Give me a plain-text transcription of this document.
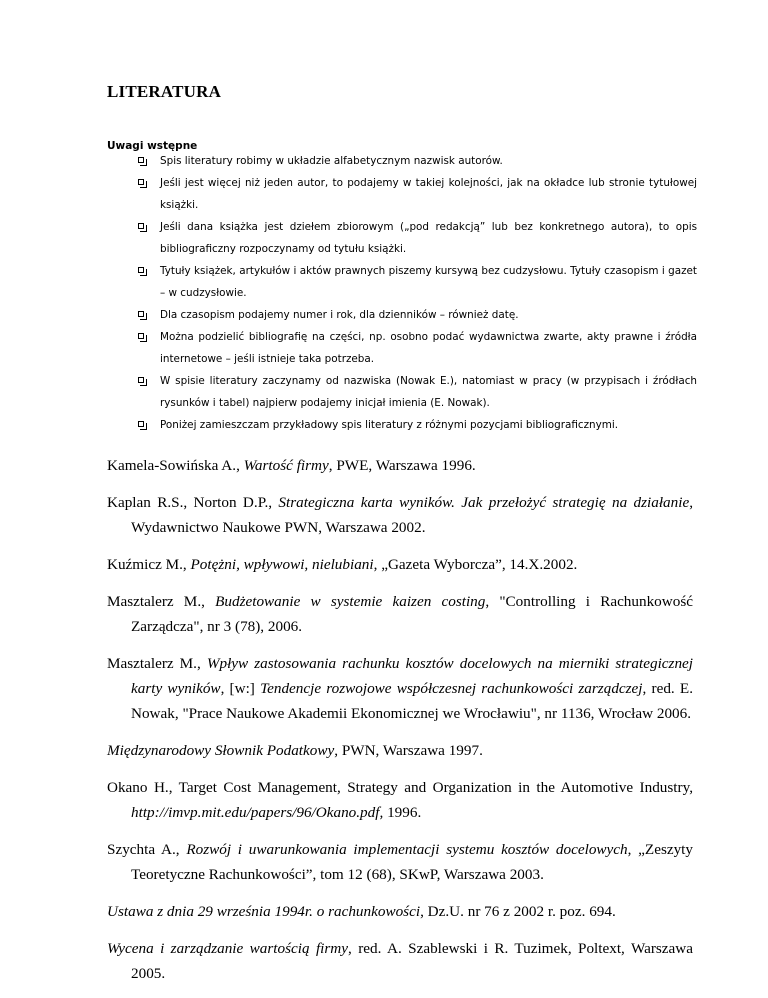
LITERATURA
Uwagi wstępne
Spis literatury robimy w układzie alfabetycznym nazwisk autorów.
Jeśli jest więcej niż jeden autor, to podajemy w takiej kolejności, jak na okładce lub stronie tytułowej książki.
Jeśli dana książka jest dziełem zbiorowym („pod redakcją” lub bez konkretnego autora), to opis bibliograficzny rozpoczynamy od tytułu książki.
Tytuły książek, artykułów i aktów prawnych piszemy kursywą bez cudzysłowu. Tytuły czasopism i gazet – w cudzysłowie.
Dla czasopism podajemy numer i rok, dla dzienników – również datę.
Można podzielić bibliografię na części, np. osobno podać wydawnictwa zwarte, akty prawne i źródła internetowe – jeśli istnieje taka potrzeba.
W spisie literatury zaczynamy od nazwiska (Nowak E.), natomiast w pracy (w przypisach i źródłach rysunków i tabel) najpierw podajemy inicjał imienia (E. Nowak).
Poniżej zamieszczam przykładowy spis literatury z różnymi pozycjami bibliograficznymi.
Kamela-Sowińska A., Wartość firmy, PWE, Warszawa 1996.
Kaplan R.S., Norton D.P., Strategiczna karta wyników. Jak przełożyć strategię na działanie, Wydawnictwo Naukowe PWN, Warszawa 2002.
Kuźmicz M., Potężni, wpływowi, nielubiani, „Gazeta Wyborcza”, 14.X.2002.
Masztalerz M., Budżetowanie w systemie kaizen costing, "Controlling i Rachunkowość Zarządcza", nr 3 (78), 2006.
Masztalerz M., Wpływ zastosowania rachunku kosztów docelowych na mierniki strategicznej karty wyników, [w:] Tendencje rozwojowe współczesnej rachunkowości zarządczej, red. E. Nowak, "Prace Naukowe Akademii Ekonomicznej we Wrocławiu", nr 1136, Wrocław 2006.
Międzynarodowy Słownik Podatkowy, PWN, Warszawa 1997.
Okano H., Target Cost Management, Strategy and Organization in the Automotive Industry, http://imvp.mit.edu/papers/96/Okano.pdf, 1996.
Szychta A., Rozwój i uwarunkowania implementacji systemu kosztów docelowych, „Zeszyty Teoretyczne Rachunkowości”, tom 12 (68), SKwP, Warszawa 2003.
Ustawa z dnia 29 września 1994r. o rachunkowości, Dz.U. nr 76 z 2002 r. poz. 694.
Wycena i zarządzanie wartością firmy, red. A. Szablewski i R. Tuzimek, Poltext, Warszawa 2005.
